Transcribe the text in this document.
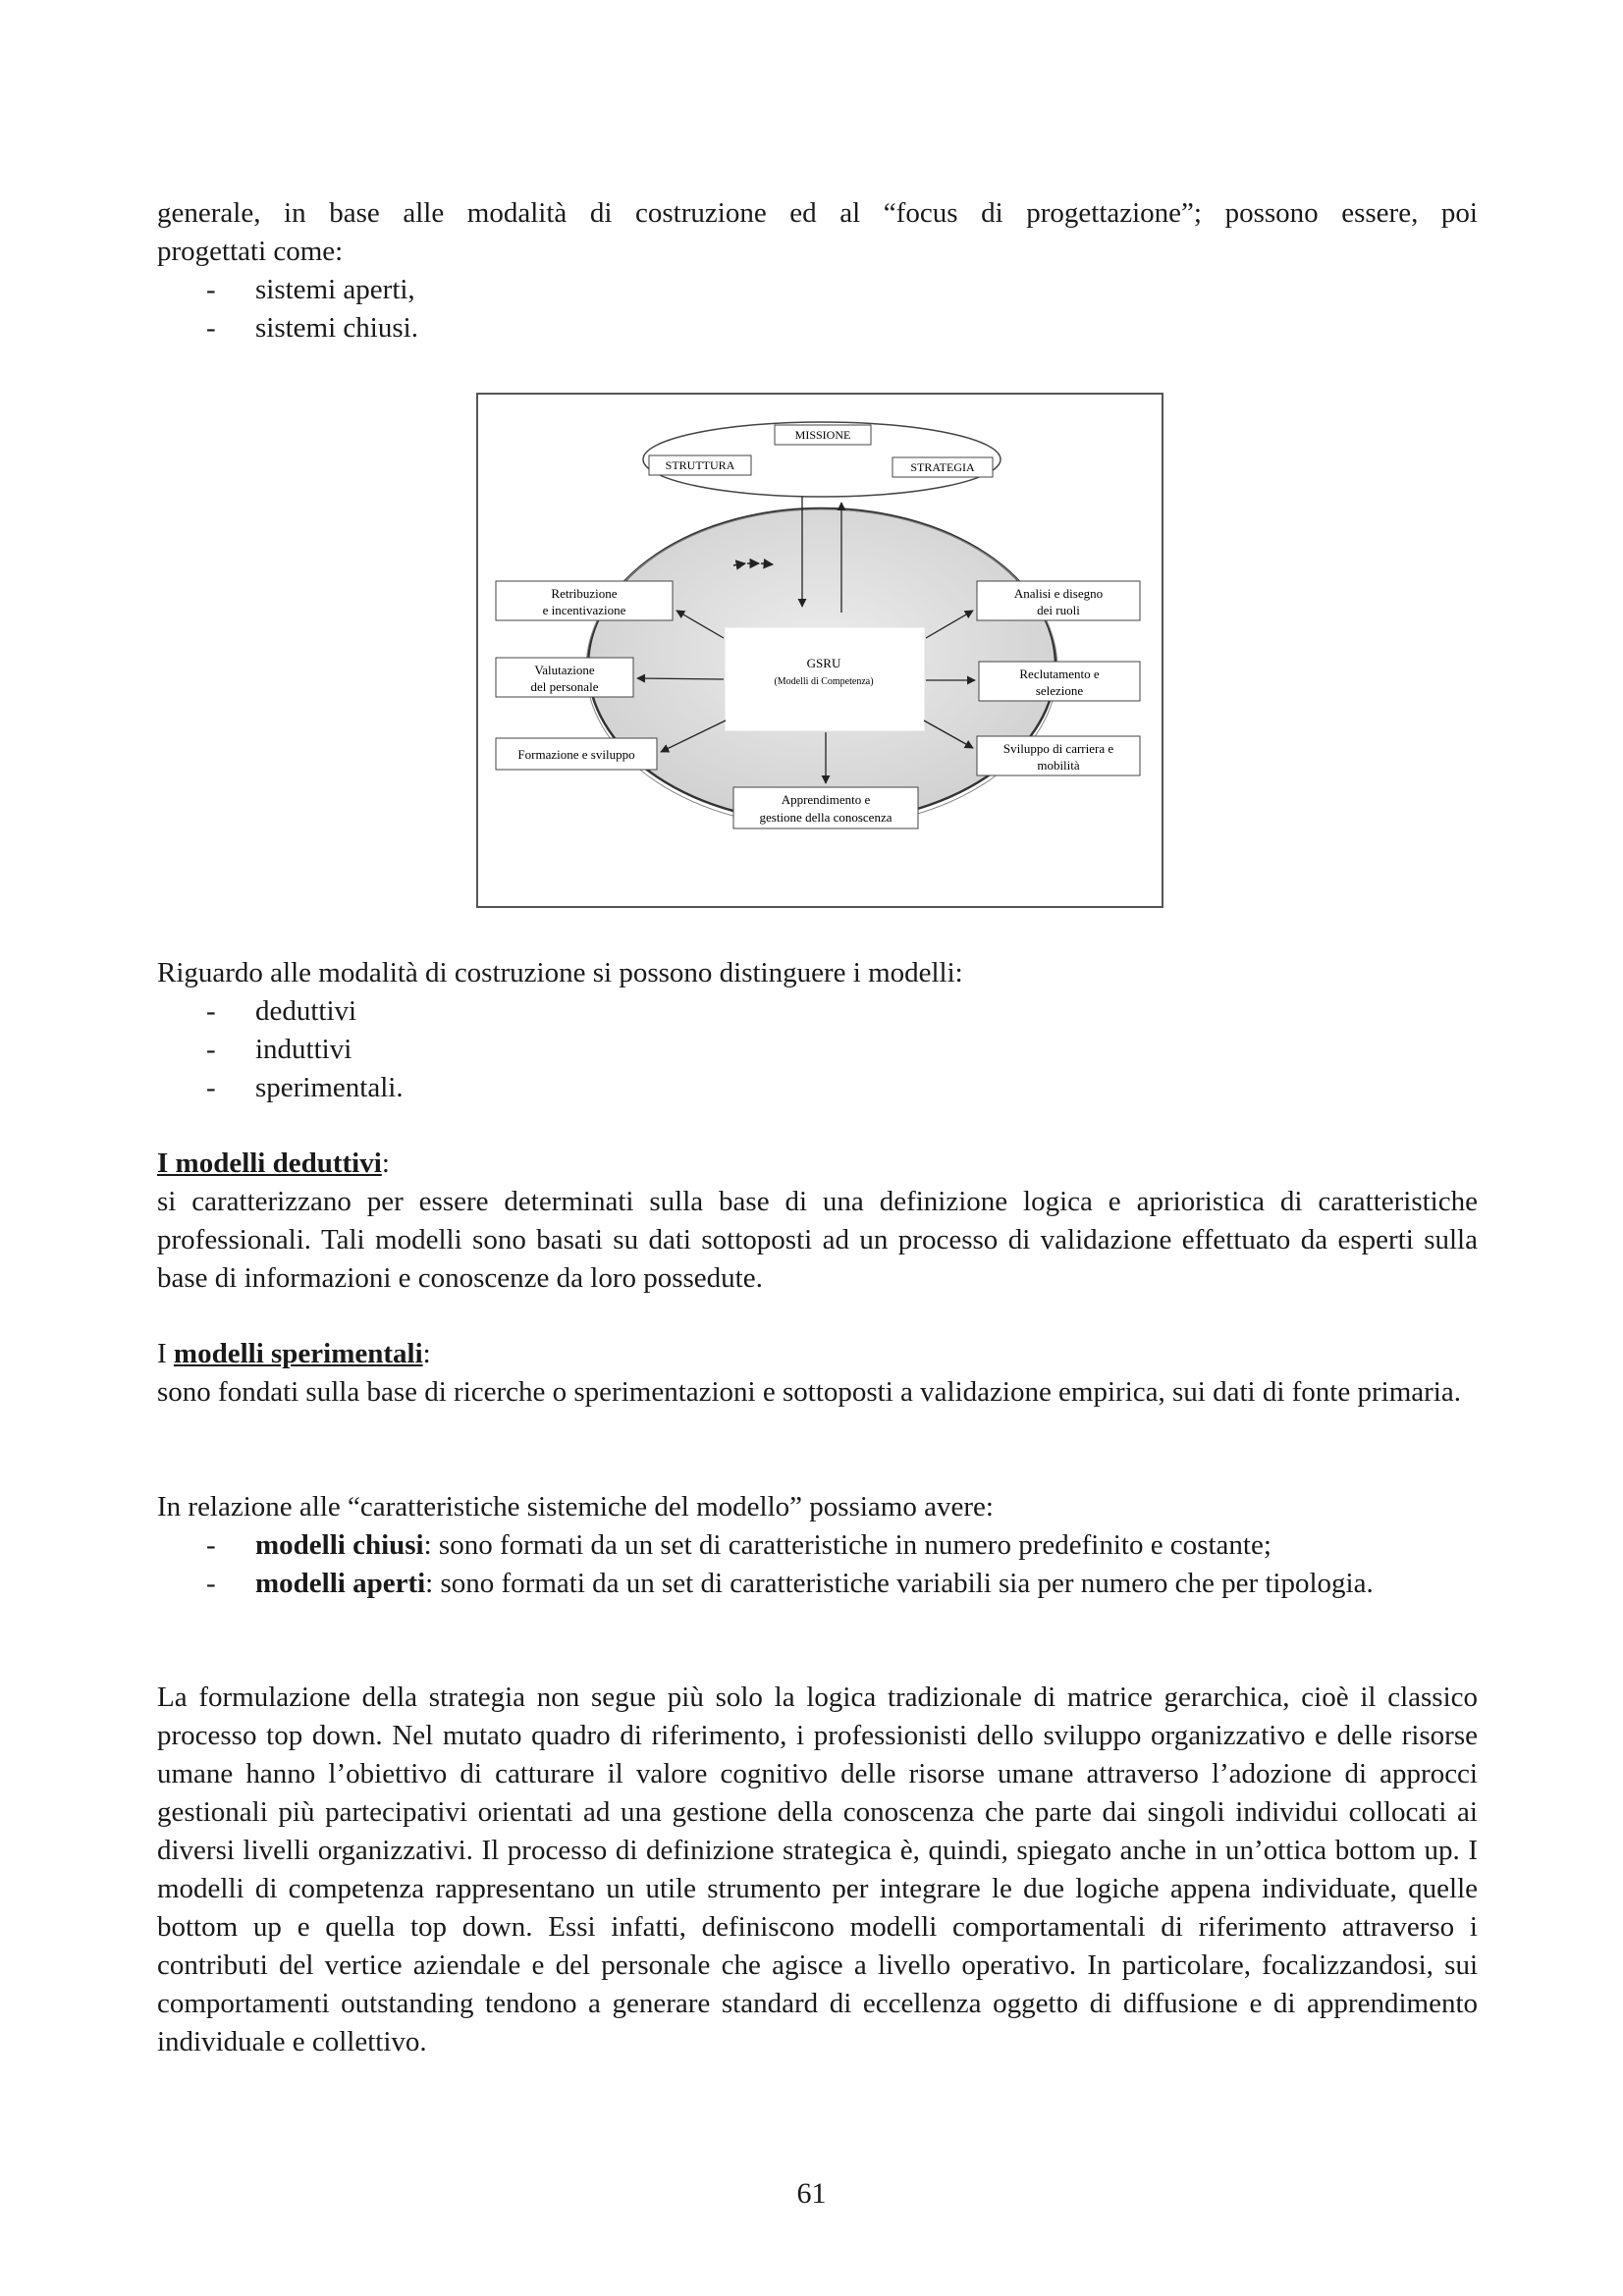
generale, in base alle modalità di costruzione ed al “focus di progettazione”; possono essere, poi

progettati come:

- sistemi aperti,
- sistemi chiusi.
MISSIONE
STRUTTURA	STRATEGIA
GSRU
(Modelli di Competenza)
Retribuzione
e incentivazione
Valutazione
del personale
Formazione e sviluppo
Analisi e disegno
dei ruoli
Reclutamento e
selezione
Sviluppo di carriera e
mobilità
Apprendimento e
gestione della conoscenza

Riguardo alle modalità di costruzione si possono distinguere i modelli:

- deduttivi
- induttivi
- sperimentali.

I modelli deduttivi:

si caratterizzano per essere determinati sulla base di una definizione logica e aprioristica di caratteristiche professionali. Tali modelli sono basati su dati sottoposti ad un processo di validazione effettuato da esperti sulla base di informazioni e conoscenze da loro possedute.

I modelli sperimentali:

sono fondati sulla base di ricerche o sperimentazioni e sottoposti a validazione empirica, sui dati di fonte primaria.

In relazione alle “caratteristiche sistemiche del modello” possiamo avere:

- modelli chiusi: sono formati da un set di caratteristiche in numero predefinito e costante;
- modelli aperti: sono formati da un set di caratteristiche variabili sia per numero che per tipologia.

La formulazione della strategia non segue più solo la logica tradizionale di matrice gerarchica, cioè il classico processo top down. Nel mutato quadro di riferimento, i professionisti dello sviluppo organizzativo e delle risorse umane hanno l’obiettivo di catturare il valore cognitivo delle risorse umane attraverso l’adozione di approcci gestionali più partecipativi orientati ad una gestione della conoscenza che parte dai singoli individui collocati ai diversi livelli organizzativi. Il processo di definizione strategica è, quindi, spiegato anche in un’ottica bottom up. I modelli di competenza rappresentano un utile strumento per integrare le due logiche appena individuate, quelle bottom up e quella top down. Essi infatti, definiscono modelli comportamentali di riferimento attraverso i contributi del vertice aziendale e del personale che agisce a livello operativo. In particolare, focalizzandosi, sui comportamenti outstanding tendono a generare standard di eccellenza oggetto di diffusione e di apprendimento individuale e collettivo.

61
